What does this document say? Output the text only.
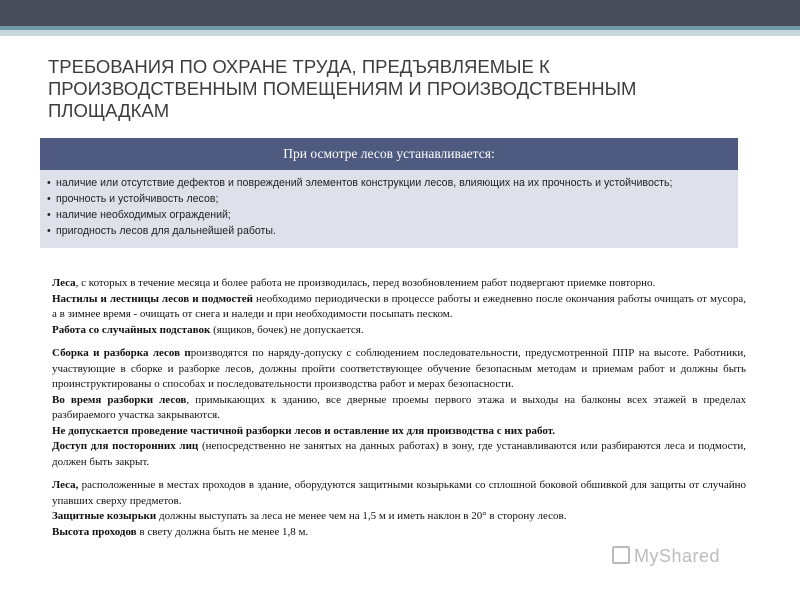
ТРЕБОВАНИЯ ПО ОХРАНЕ ТРУДА, ПРЕДЪЯВЛЯЕМЫЕ К ПРОИЗВОДСТВЕННЫМ ПОМЕЩЕНИЯМ И ПРОИЗВОДСТВЕННЫМ ПЛОЩАДКАМ
При осмотре лесов устанавливается:
• наличие или отсутствие дефектов и повреждений элементов конструкции лесов, влияющих на их прочность и устойчивость;
• прочность и устойчивость лесов;
• наличие необходимых ограждений;
• пригодность лесов для дальнейшей работы.

Леса, с которых в течение месяца и более работа не производилась, перед возобновлением работ подвергают приемке повторно.

Настилы и лестницы лесов и подмостей необходимо периодически в процессе работы и ежедневно после окончания работы очищать от мусора, а в зимнее время - очищать от снега и наледи и при необходимости посыпать песком.

Работа со случайных подставок (ящиков, бочек) не допускается.

Сборка и разборка лесов производятся по наряду-допуску с соблюдением последовательности, предусмотренной ППР на высоте. Работники, участвующие в сборке и разборке лесов, должны пройти соответствующее обучение безопасным методам и приемам работ и должны быть проинструктированы о способах и последовательности производства работ и мерах безопасности.

Во время разборки лесов, примыкающих к зданию, все дверные проемы первого этажа и выходы на балконы всех этажей в пределах разбираемого участка закрываются.

Не допускается проведение частичной разборки лесов и оставление их для производства с них работ.

Доступ для посторонних лиц (непосредственно не занятых на данных работах) в зону, где устанавливаются или разбираются леса и подмости, должен быть закрыт.

Леса, расположенные в местах проходов в здание, оборудуются защитными козырьками со сплошной боковой обшивкой для защиты от случайно упавших сверху предметов.

Защитные козырьки должны выступать за леса не менее чем на 1,5 м и иметь наклон в 20° в сторону лесов.

Высота проходов в свету должна быть не менее 1,8 м.

MyShared
